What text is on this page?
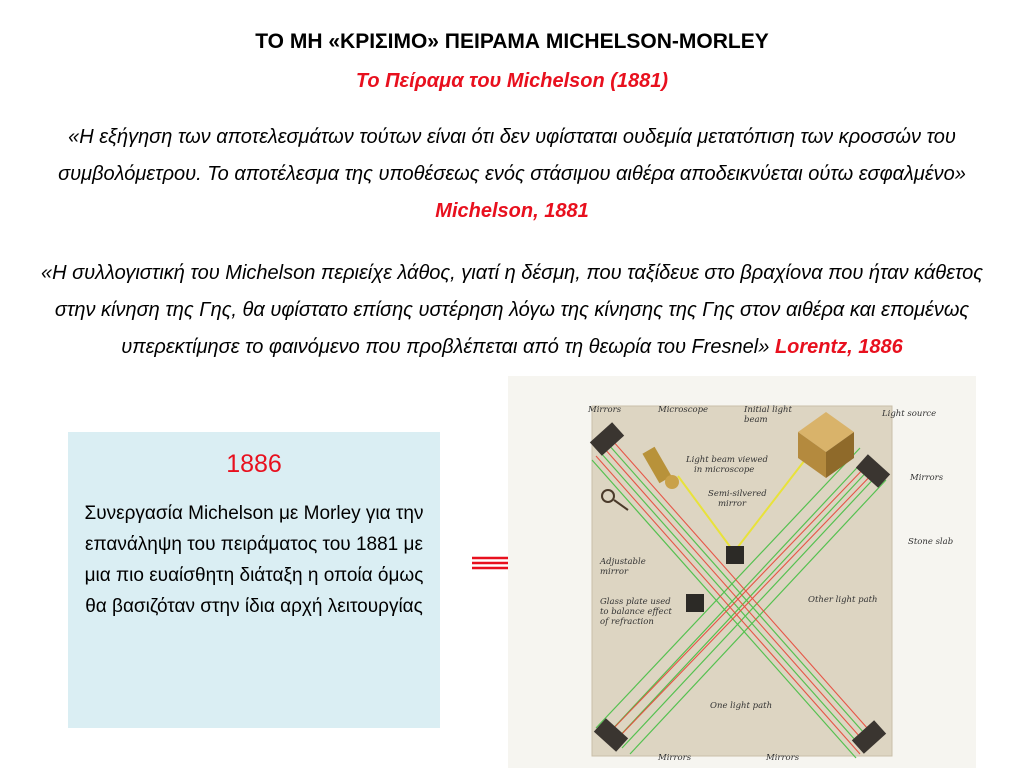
ΤΟ ΜΗ «ΚΡΙΣΙΜΟ» ΠΕΙΡΑΜΑ MICHELSON-MORLEY
Το Πείραμα του Michelson (1881)
«Η εξήγηση των αποτελεσμάτων τούτων είναι ότι δεν υφίσταται ουδεμία μετατόπιση των κροσσών του συμβολόμετρου. Το αποτέλεσμα της υποθέσεως ενός στάσιμου αιθέρα αποδεικνύεται ούτω εσφαλμένο» Michelson, 1881
«Η συλλογιστική του Michelson περιείχε λάθος, γιατί η δέσμη, που ταξίδευε στο βραχίονα που ήταν κάθετος στην κίνηση της Γης, θα υφίστατο επίσης υστέρηση λόγω της κίνησης της Γης στον αιθέρα και επομένως υπερεκτίμησε το φαινόμενο που προβλέπεται από τη θεωρία του Fresnel» Lorentz, 1886
1886
Συνεργασία Michelson με Morley για την επανάληψη του πειράματος του 1881 με μια πιο ευαίσθητη διάταξη η οποία όμως θα βασιζόταν στην ίδια αρχή λειτουργίας
Mirrors	Microscope	Initial light
beam
Light source
Light beam viewed
in microscope
Mirrors
Semi-silvered
mirror
Stone slab
Adjustable
mirror
Glass plate used
to balance effect
of refraction
Other light path
One light path
Mirrors	Mirrors
